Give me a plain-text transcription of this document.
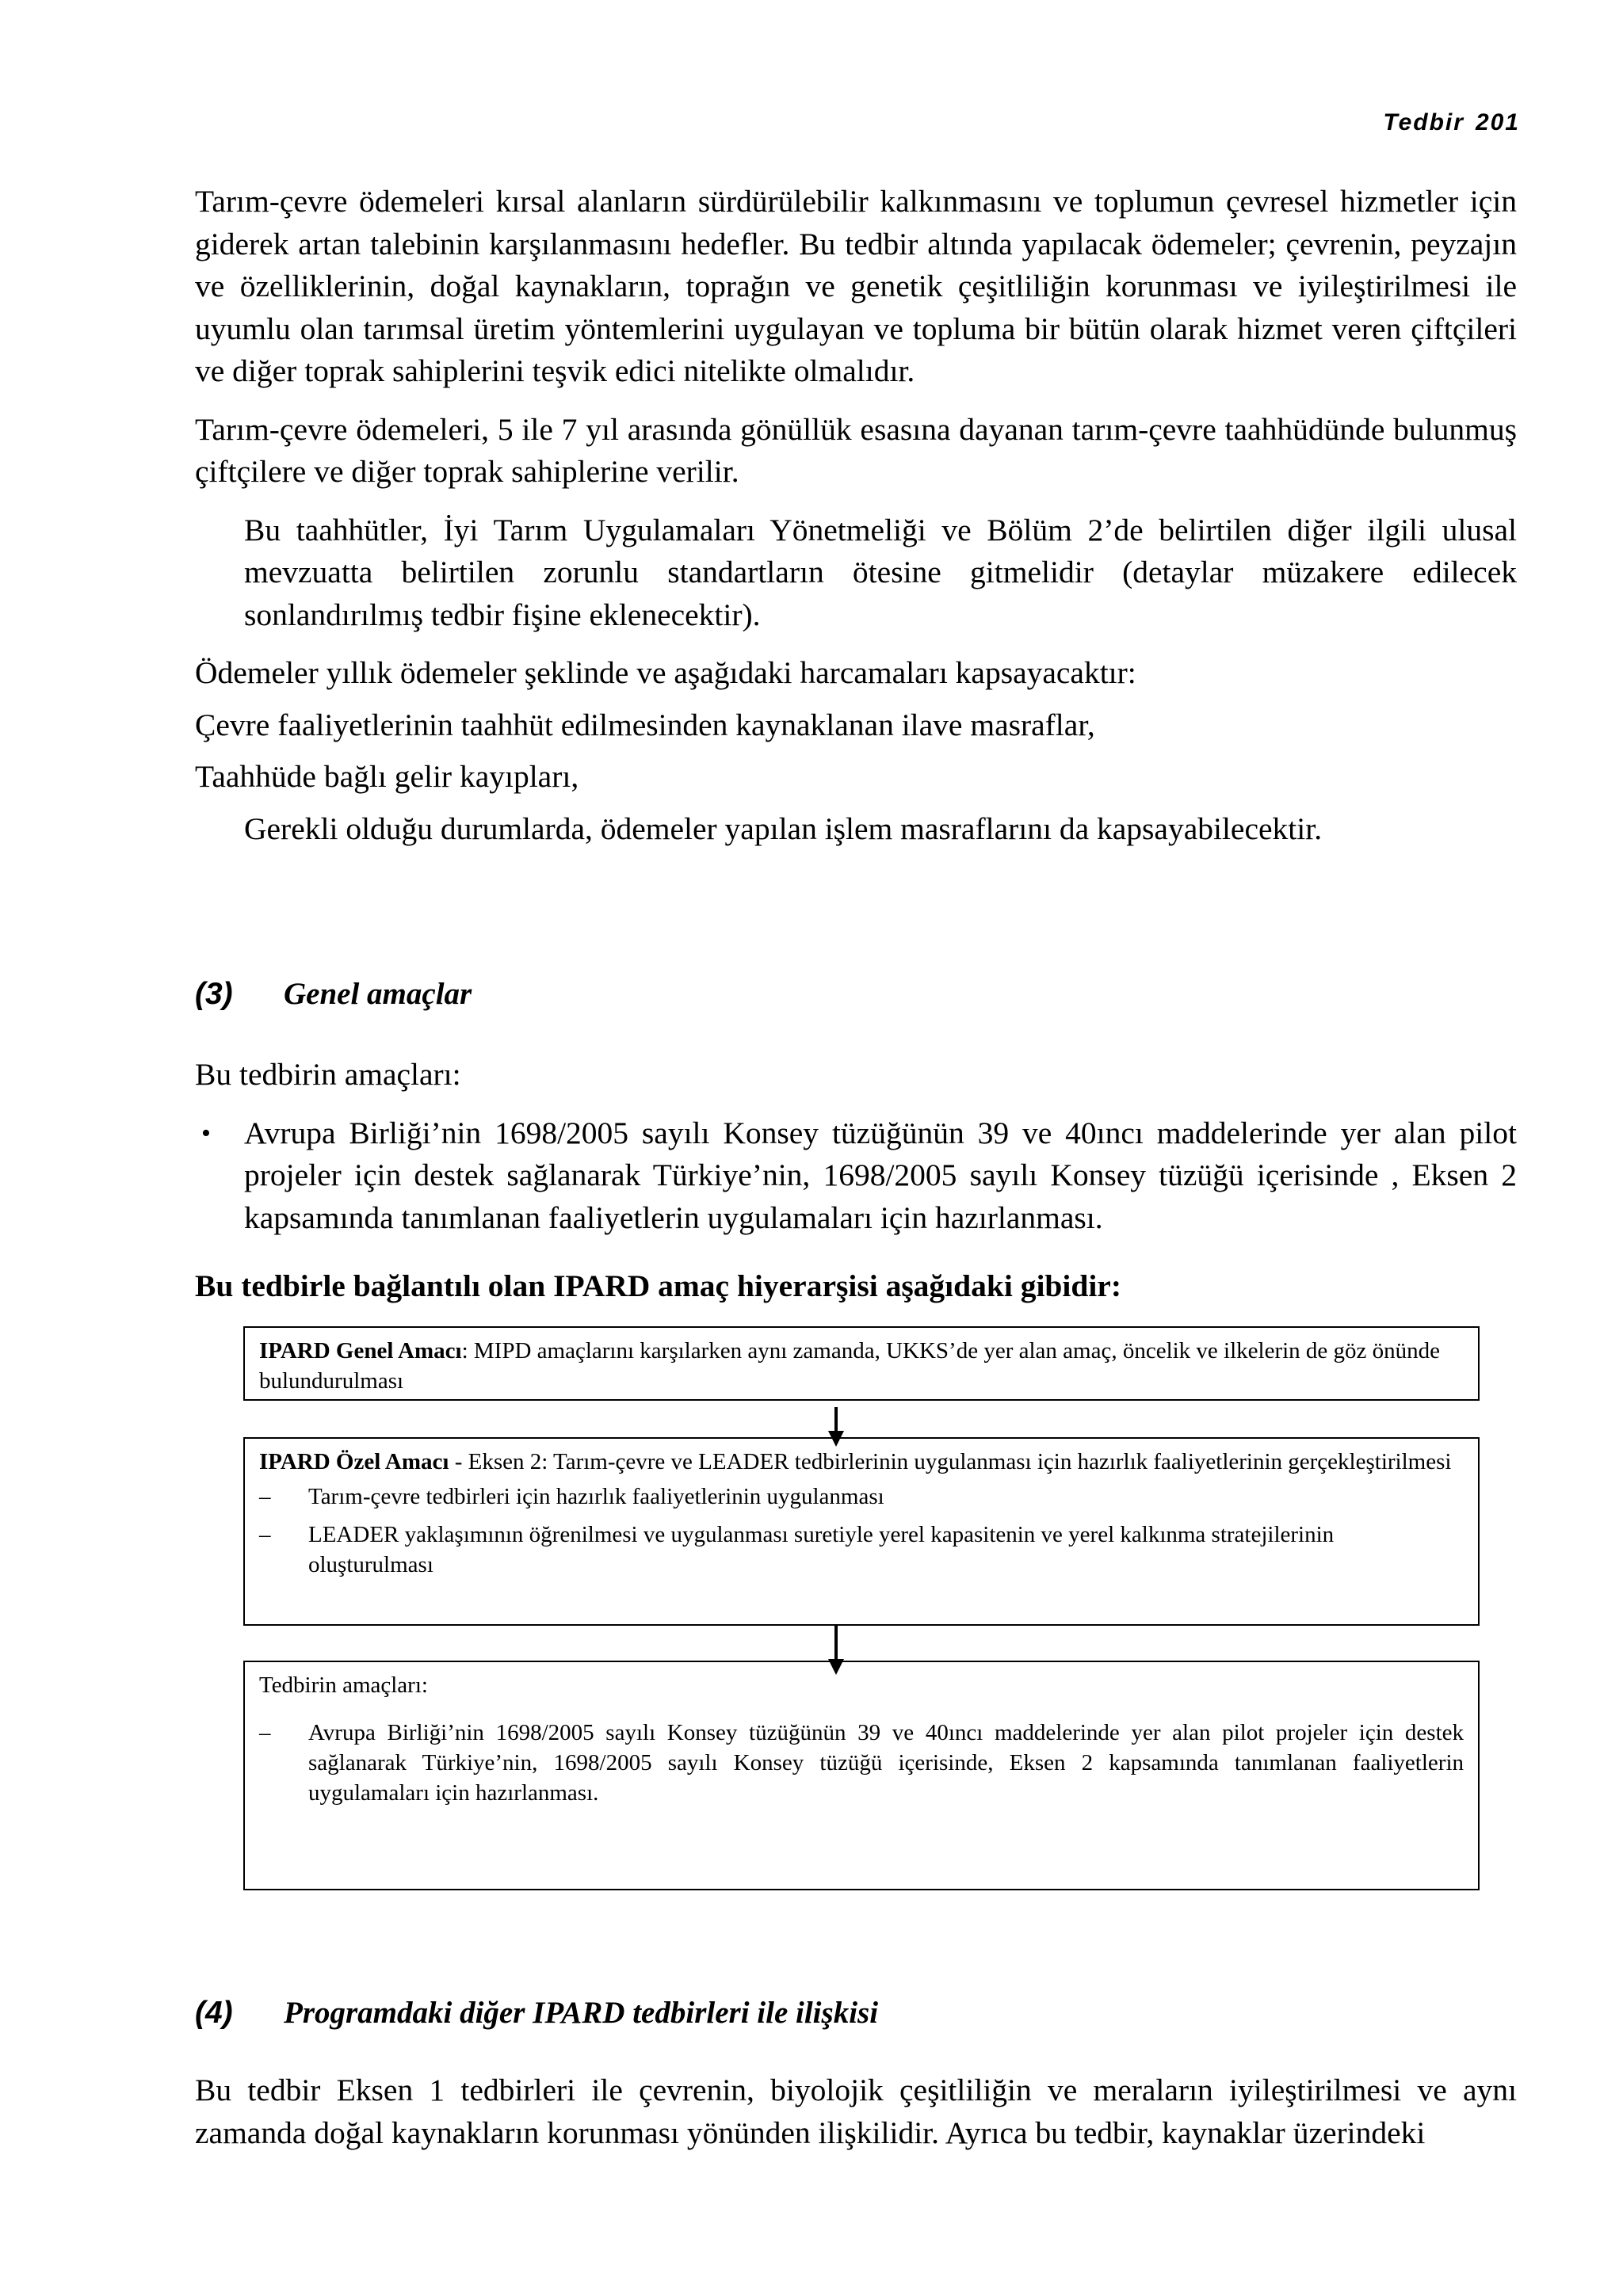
Tedbir 201

Tarım-çevre ödemeleri kırsal alanların sürdürülebilir kalkınmasını ve toplumun çevresel hizmetler için giderek artan talebinin karşılanmasını hedefler. Bu tedbir altında yapılacak ödemeler; çevrenin, peyzajın ve özelliklerinin, doğal kaynakların, toprağın ve genetik çeşitliliğin korunması ve iyileştirilmesi ile uyumlu olan tarımsal üretim yöntemlerini uygulayan ve topluma bir bütün olarak hizmet veren çiftçileri ve diğer toprak sahiplerini teşvik edici nitelikte olmalıdır.

Tarım-çevre ödemeleri, 5 ile 7 yıl arasında gönüllük esasına dayanan tarım-çevre taahhüdünde bulunmuş çiftçilere ve diğer toprak sahiplerine verilir.

Bu taahhütler, İyi Tarım Uygulamaları Yönetmeliği ve Bölüm 2’de belirtilen diğer ilgili ulusal mevzuatta belirtilen zorunlu standartların ötesine gitmelidir (detaylar müzakere edilecek sonlandırılmış tedbir fişine eklenecektir).

Ödemeler yıllık ödemeler şeklinde ve aşağıdaki harcamaları kapsayacaktır:

Çevre faaliyetlerinin taahhüt edilmesinden kaynaklanan ilave masraflar,

Taahhüde bağlı gelir kayıpları,

Gerekli olduğu durumlarda, ödemeler yapılan işlem masraflarını da kapsayabilecektir.

(3) Genel amaçlar

Bu tedbirin amaçları:

•	Avrupa Birliği’nin 1698/2005 sayılı Konsey tüzüğünün 39 ve 40ıncı maddelerinde yer alan pilot projeler için destek sağlanarak Türkiye’nin, 1698/2005 sayılı Konsey tüzüğü içerisinde , Eksen 2 kapsamında tanımlanan faaliyetlerin uygulamaları için hazırlanması.

Bu tedbirle bağlantılı olan IPARD amaç hiyerarşisi aşağıdaki gibidir:
IPARD Genel Amacı: MIPD amaçlarını karşılarken aynı zamanda, UKKS’de yer alan amaç, öncelik ve ilkelerin de göz önünde bulundurulması
IPARD Özel Amacı - Eksen 2: Tarım-çevre ve LEADER tedbirlerinin uygulanması için hazırlık faaliyetlerinin gerçekleştirilmesi
–	Tarım-çevre tedbirleri için hazırlık faaliyetlerinin uygulanması
–	LEADER yaklaşımının öğrenilmesi ve uygulanması suretiyle yerel kapasitenin ve yerel kalkınma stratejilerinin oluşturulması
Tedbirin amaçları:
–	Avrupa Birliği’nin 1698/2005 sayılı Konsey tüzüğünün 39 ve 40ıncı maddelerinde yer alan pilot projeler için destek sağlanarak Türkiye’nin, 1698/2005 sayılı Konsey tüzüğü içerisinde, Eksen 2 kapsamında tanımlanan faaliyetlerin uygulamaları için hazırlanması.
(4) Programdaki diğer IPARD tedbirleri ile ilişkisi

Bu tedbir Eksen 1 tedbirleri ile çevrenin, biyolojik çeşitliliğin ve meraların iyileştirilmesi ve aynı zamanda doğal kaynakların korunması yönünden ilişkilidir. Ayrıca bu tedbir, kaynaklar üzerindeki
